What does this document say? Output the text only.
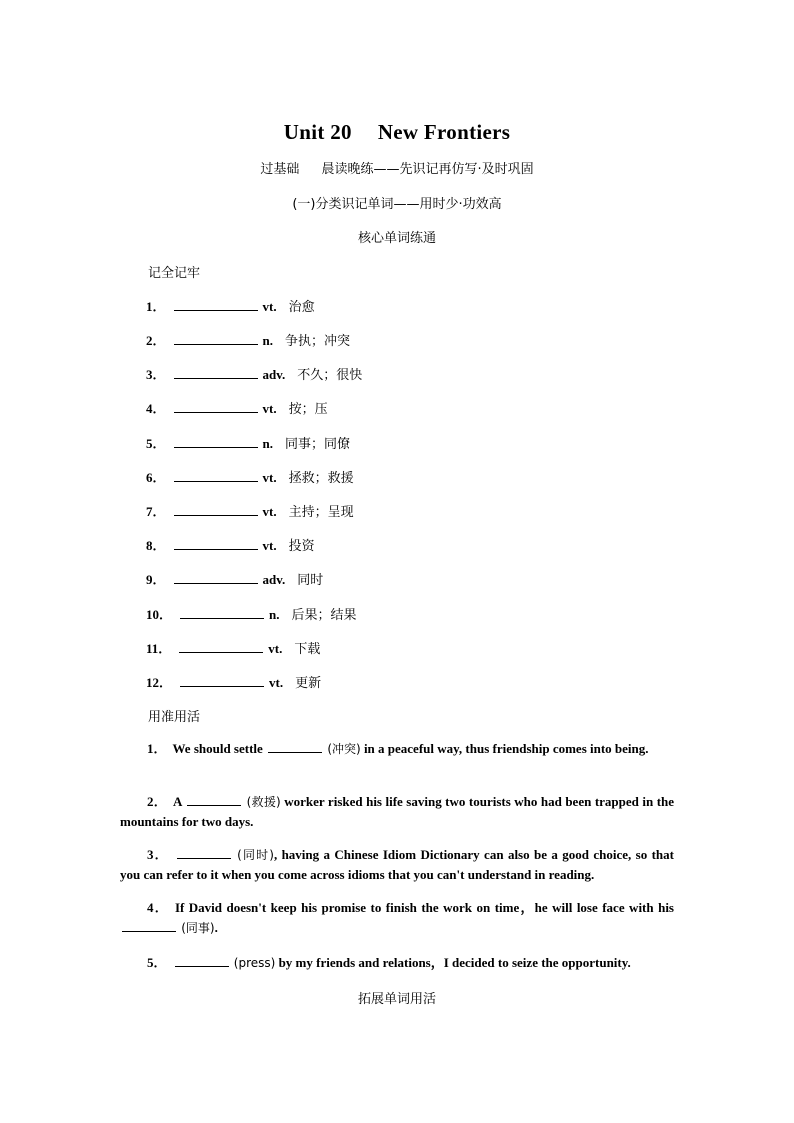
Unit 20 New Frontiers
过基础 晨读晚练——先识记再仿写·及时巩固
(一)分类识记单词——用时少·功效高
核心单词练通
记全记牢
1．	vt. 治愈
2．	n. 争执；冲突
3．	adv. 不久；很快
4．	vt. 按；压
5．	n. 同事；同僚
6．	vt. 拯救；救援
7．	vt. 主持；呈现
8．	vt. 投资
9．	adv. 同时
10．	n. 后果；结果
11．	vt. 下载
12．	vt. 更新
用准用活
1． We should settle	(冲突) in a peaceful way, thus friendship comes into being.
2． A	(救援) worker risked his life saving two tourists who had been trapped in the mountains for two days.
3．	(同时), having a Chinese Idiom Dictionary can also be a good choice, so that you can refer to it when you come across idioms that you can't understand in reading.
4． If David doesn't keep his promise to finish the work on time，he will lose face with his  (同事).
5．	(press) by my friends and relations，I decided to seize the opportunity.
拓展单词用活
